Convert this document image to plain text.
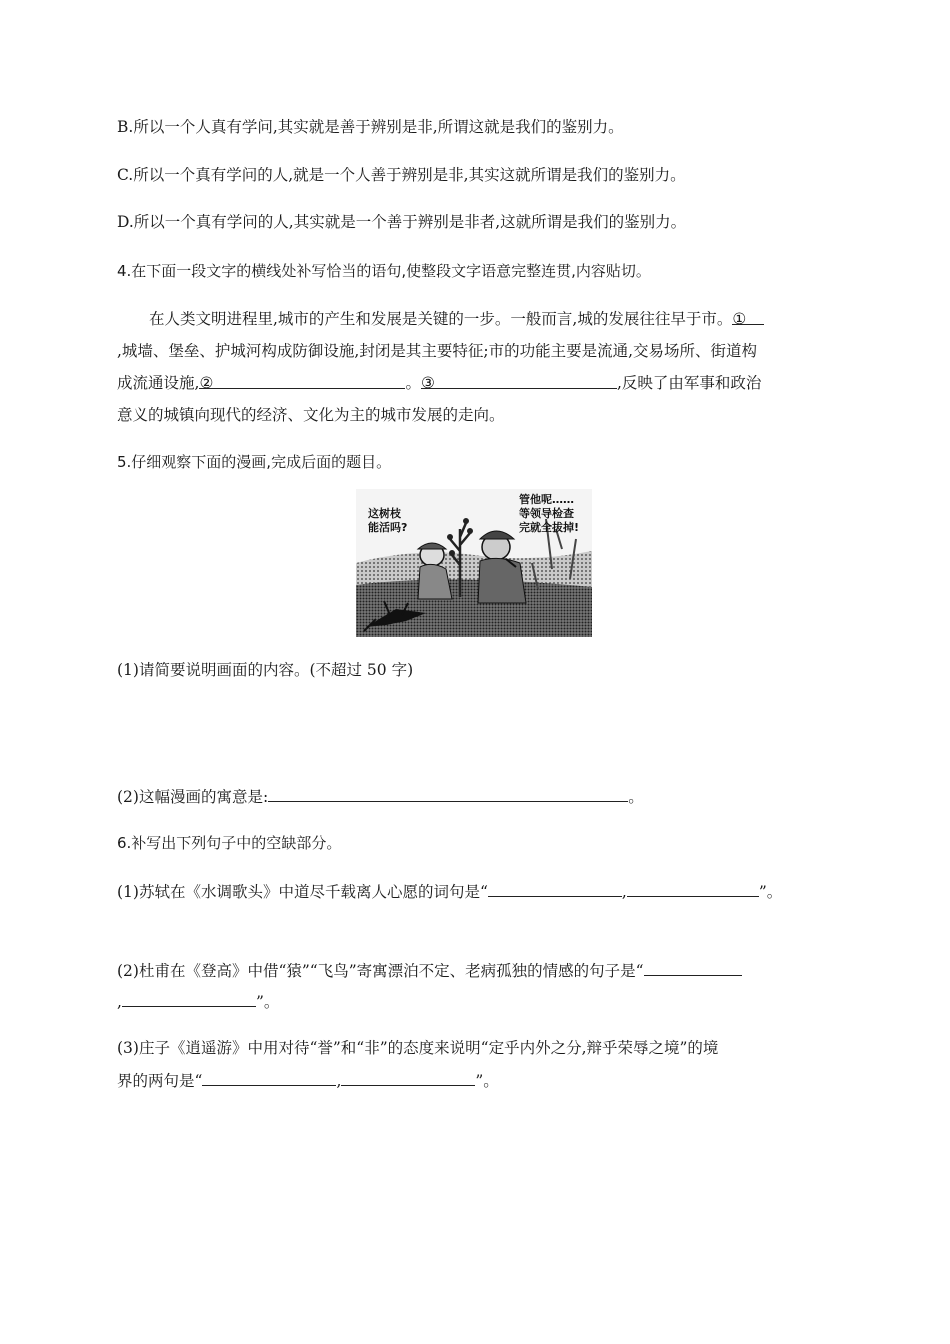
B.所以一个人真有学问,其实就是善于辨别是非,所谓这就是我们的鉴别力。
C.所以一个真有学问的人,就是一个人善于辨别是非,其实这就所谓是我们的鉴别力。
D.所以一个真有学问的人,其实就是一个善于辨别是非者,这就所谓是我们的鉴别力。
4.在下面一段文字的横线处补写恰当的语句,使整段文字语意完整连贯,内容贴切。
在人类文明进程里,城市的产生和发展是关键的一步。一般而言,城的发展往往早于市。①
,城墙、堡垒、护城河构成防御设施,封闭是其主要特征;市的功能主要是流通,交易场所、街道构
成流通设施,②	。③	,反映了由军事和政治
意义的城镇向现代的经济、文化为主的城市发展的走向。
5.仔细观察下面的漫画,完成后面的题目。
这树枝
能活吗?
管他呢……
等领导检查
完就全拔掉!
(1)请简要说明画面的内容。(不超过 50 字)
(2)这幅漫画的寓意是:	。
6.补写出下列句子中的空缺部分。
(1)苏轼在《水调歌头》中道尽千载离人心愿的词句是“	,	”。
(2)杜甫在《登高》中借“猿”“飞鸟”寄寓漂泊不定、老病孤独的情感的句子是“
,	”。
(3)庄子《逍遥游》中用对待“誉”和“非”的态度来说明“定乎内外之分,辩乎荣辱之境”的境
界的两句是“	,	”。
